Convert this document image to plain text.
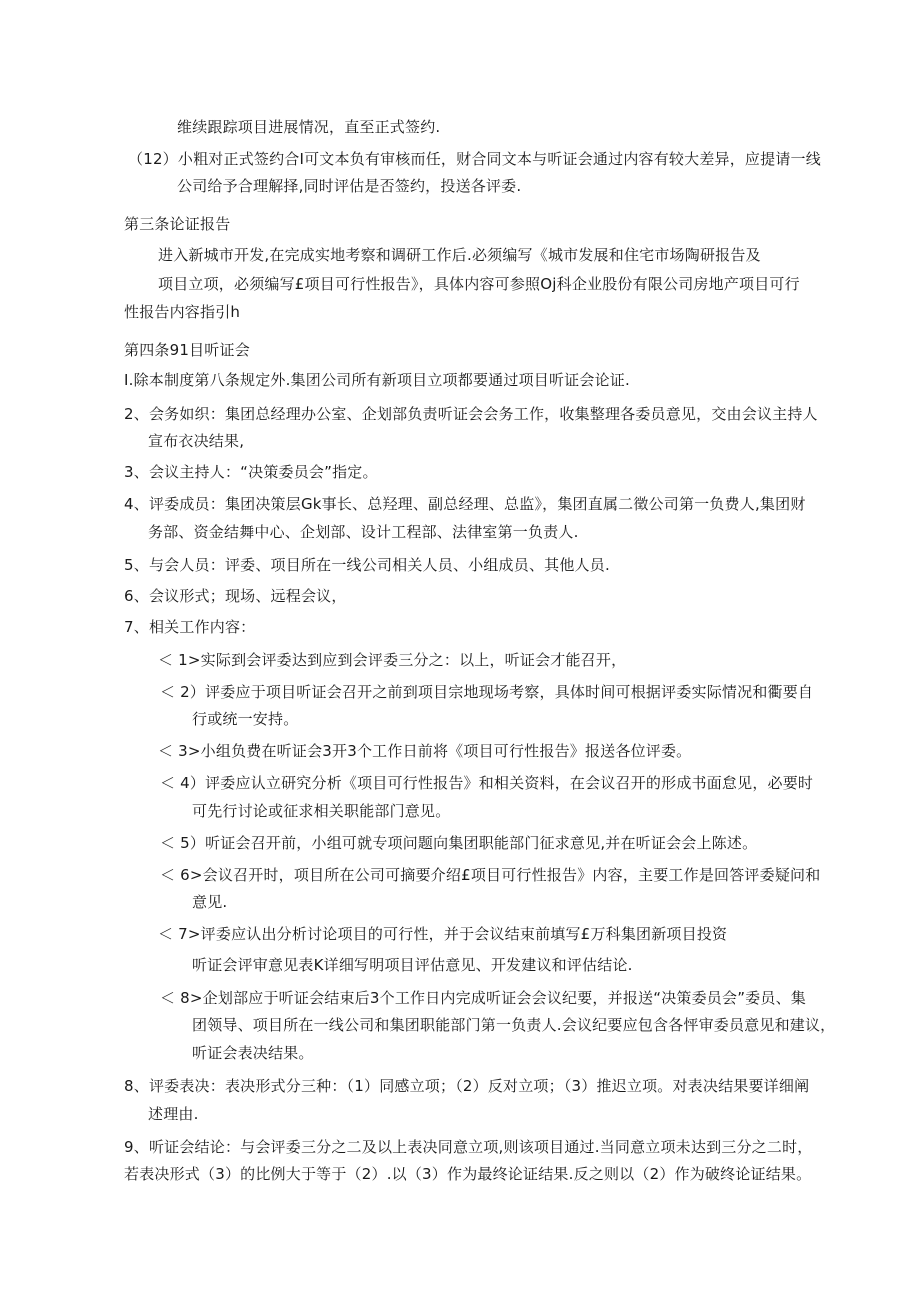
维续跟踪项目进展情况，直至正式签约.
（12）小粗对正式签约合I可文本负有审核而任，财合同文本与听证会通过内容有较大差异，应提请一线
公司给予合理解择,同时评估是否签约，投送各评委.
第三条论证报告
进入新城市开发,在完成实地考察和调研工作后.必须编写《城市发展和住宅市场陶研报告及
项目立项，必须编写£项目可行性报告》，具体内容可参照Oj科企业股份有限公司房地产项目可行
性报告内容指引h
第四条91目听证会
I.除本制度第八条规定外.集团公司所有新项目立项都要通过项目听证会论证.
2、会务如织：集团总经理办公室、企划部负责听证会会务工作，收集整理各委员意见，交由会议主持人
宣布衣决结果,
3、会议主持人：“决策委员会”指定。
4、评委成员：集团决策层Gk事长、总羟理、副总经理、总监》，集团直属二徵公司第一负费人,集团财
务部、资金结舞中心、企划部、设计工程部、法律室第一负责人.
5、与会人员：评委、项目所在一线公司相关人员、小组成员、其他人员.
6、会议形式；现场、远程会议，
7、相关工作内容：
＜ 1>实际到会评委达到应到会评委三分之：以上，听证会才能召开，
＜ 2）评委应于项目听证会召开之前到项目宗地现场考察，具体时间可根据评委实际情况和衢要自
行或统一安持。
＜ 3>小组负费在听证会3开3个工作日前将《项目可行性报告》报送各位评委。
＜ 4）评委应认立研究分析《项目可行性报告》和相关资料，在会议召开的形成书面怠见，必要时
可先行讨论或征求相关职能部门意见。
＜ 5）听证会召开前，小组可就专项问题向集团职能部门征求意见,并在听证会会上陈述。
＜ 6>会议召开时，项目所在公司可摘要介绍£项目可行性报告》内容，主要工作是回答评委疑问和
意见.
＜ 7>评委应认出分析讨论项目的可行性，并于会议结束前填写£万科集团新项目投资
听证会评审意见表K详细写明项目评估意见、开发建议和评估结论.
＜ 8>企划部应于听证会结束后3个工作日内完成听证会会议纪要，并报送“决策委员会”委员、集
团领导、项目所在一线公司和集团职能部门第一负责人.会议纪要应包含各怦审委员意见和建议，
听证会表决结果。
8、评委表决：表决形式分三种：（1）同感立项；（2）反对立项；（3）推迟立项。对表决结果要详细阐
述理由.
9、听证会结论：与会评委三分之二及以上表决同意立项,则该项目通过.当同意立项未达到三分之二时，
若表决形式（3）的比例大于等于（2）.以（3）作为最终论证结果.反之则以（2）作为破终论证结果。
